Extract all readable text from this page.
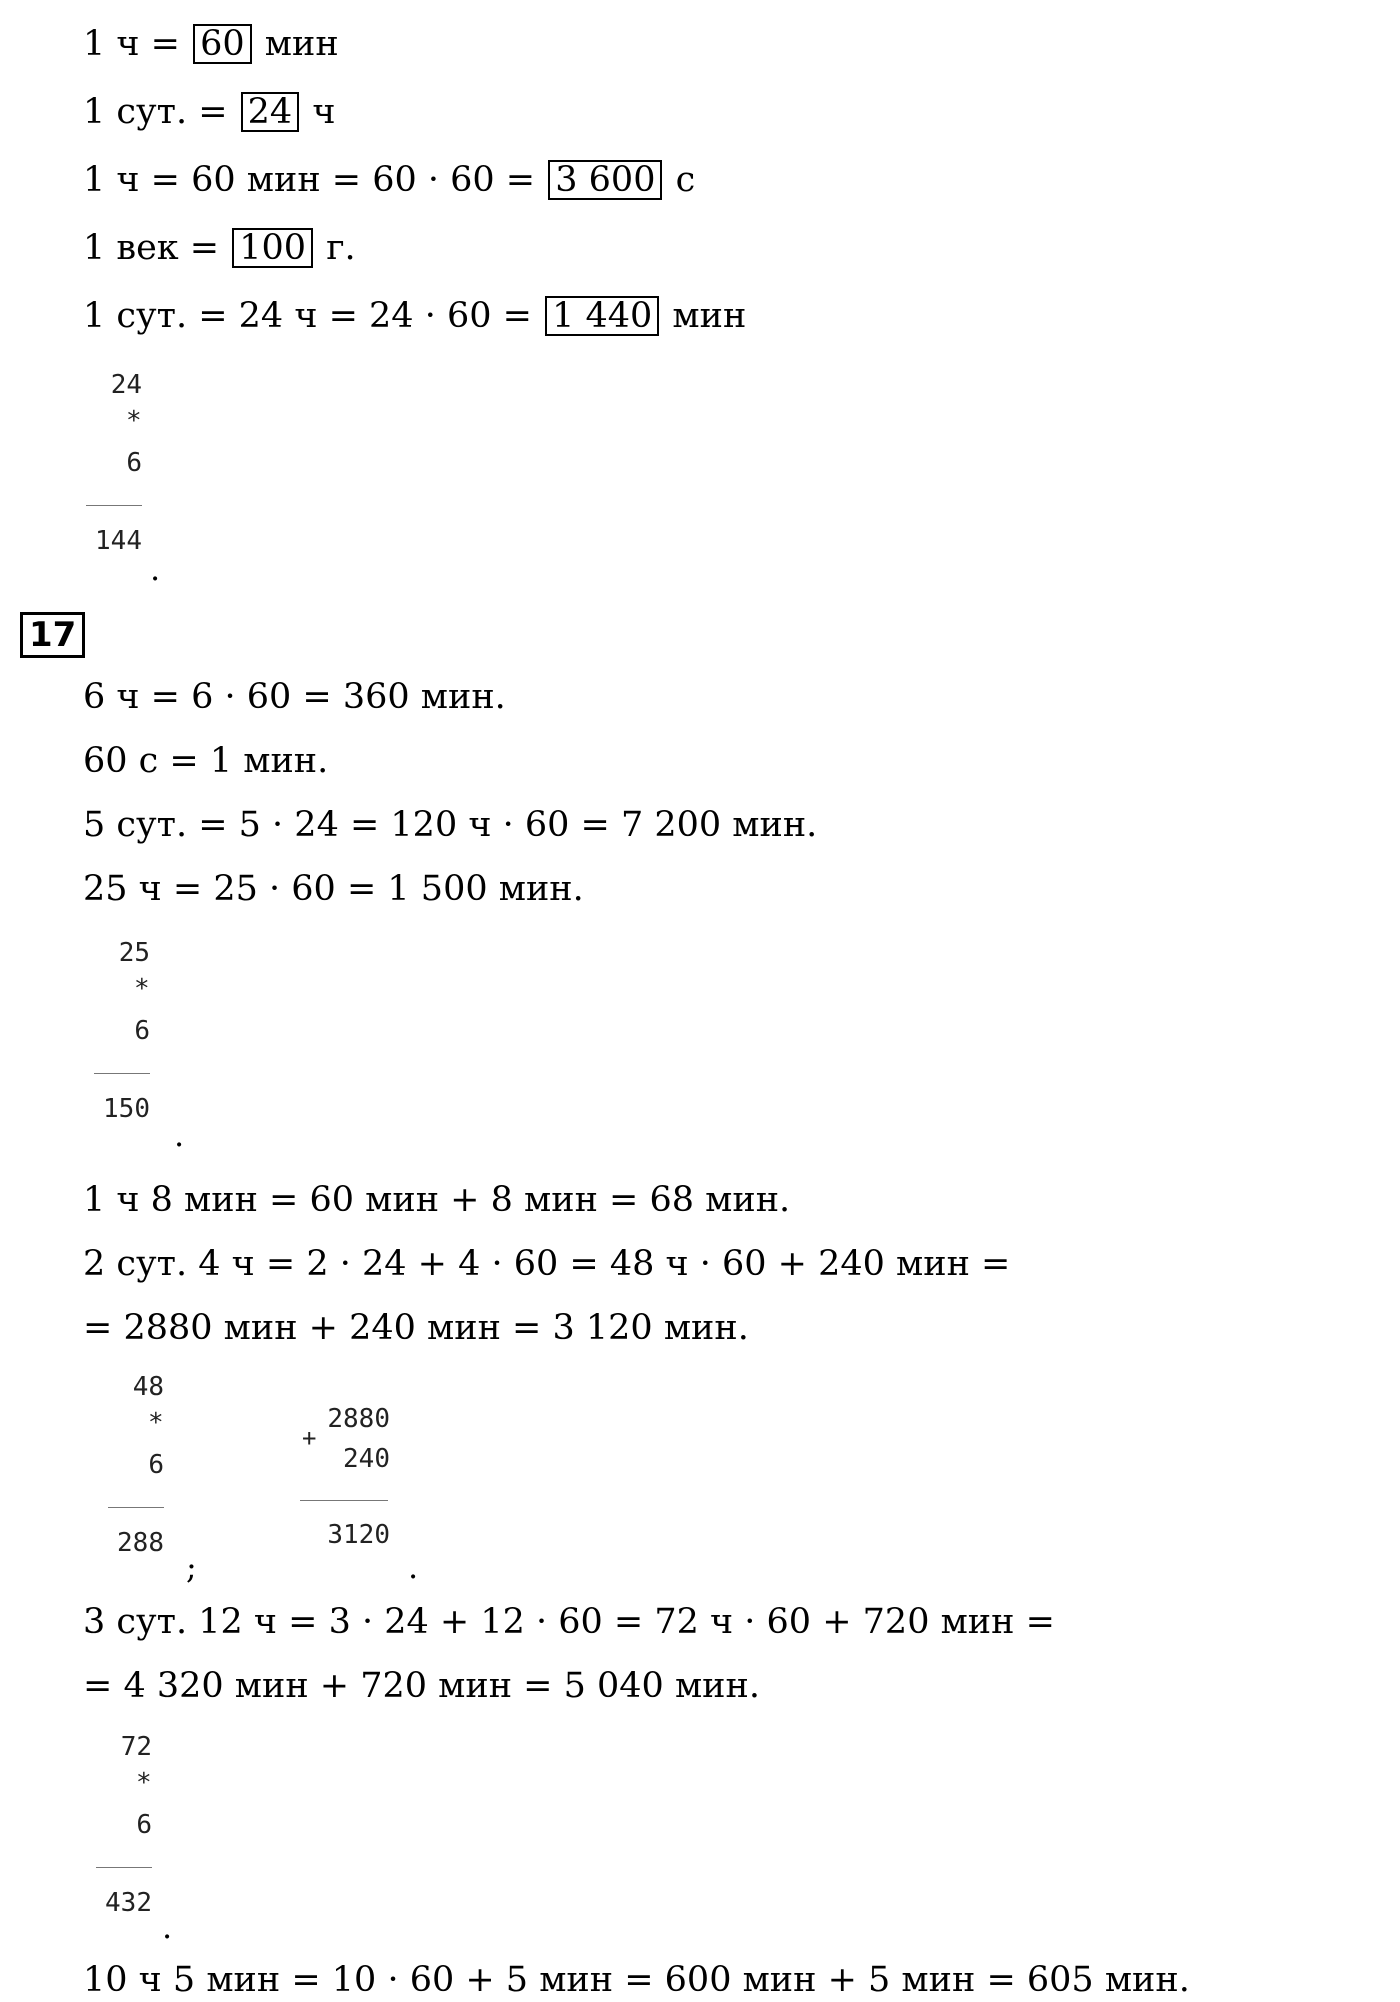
1 ч = 60 мин
1 сут. = 24 ч
1 ч = 60 мин = 60 · 60 = 3 600 с
1 век = 100 г.
1 сут. = 24 ч = 24 · 60 = 1 440 мин
24
*
6
144
.
17
6 ч = 6 · 60 = 360 мин.
60 с = 1 мин.
5 сут. = 5 · 24 = 120 ч · 60 = 7 200 мин.
25 ч = 25 · 60 = 1 500 мин.
25
*
6
150
.
1 ч 8 мин = 60 мин + 8 мин = 68 мин.
2 сут. 4 ч = 2 · 24 + 4 · 60 = 48 ч · 60 + 240 мин =
= 2880 мин + 240 мин = 3 120 мин.
48
*
6
288
;
2880
+
240
3120
.
3 сут. 12 ч = 3 · 24 + 12 · 60 = 72 ч · 60 + 720 мин =
= 4 320 мин + 720 мин = 5 040 мин.
72
*
6
432
.
10 ч 5 мин = 10 · 60 + 5 мин = 600 мин + 5 мин = 605 мин.
